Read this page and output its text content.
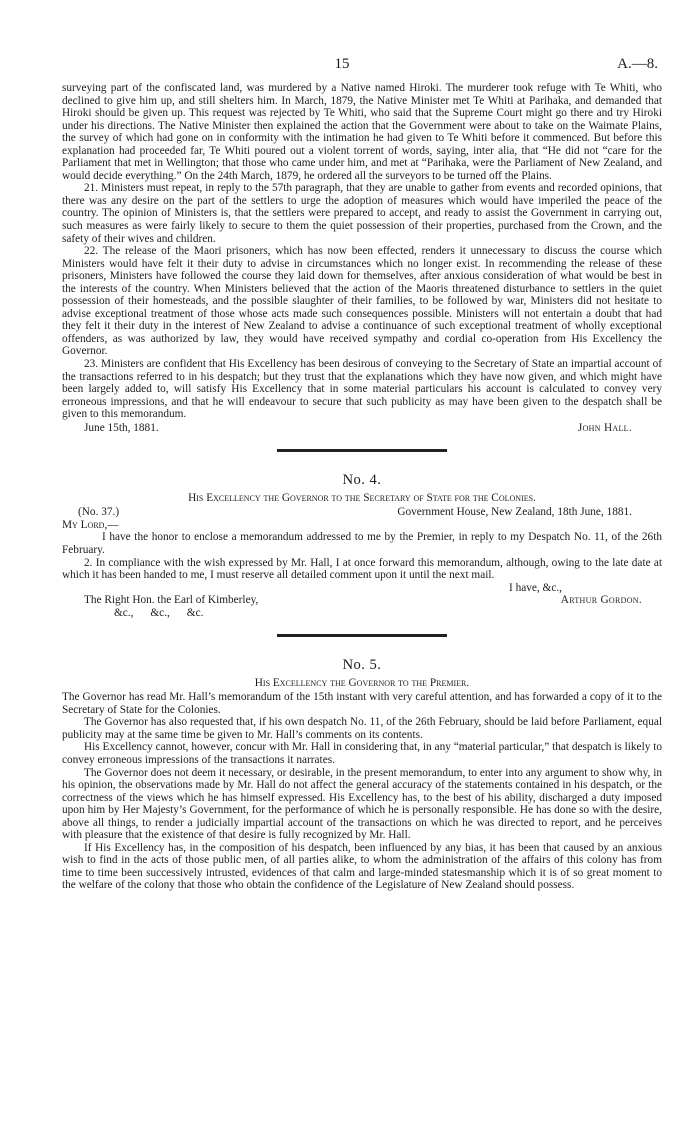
15	A.—8.

surveying part of the confiscated land, was murdered by a Native named Hiroki. The murderer took refuge with Te Whiti, who declined to give him up, and still shelters him. In March, 1879, the Native Minister met Te Whiti at Parihaka, and demanded that Hiroki should be given up. This request was rejected by Te Whiti, who said that the Supreme Court might go there and try Hiroki under his directions. The Native Minister then explained the action that the Government were about to take on the Waimate Plains, the survey of which had gone on in conformity with the intimation he had given to Te Whiti before it commenced. But before this explanation had proceeded far, Te Whiti poured out a violent torrent of words, saying, inter alia, that “He did not “care for the Parliament that met in Wellington; that those who came under him, and met at “Parihaka, were the Parliament of New Zealand, and would decide everything.” On the 24th March, 1879, he ordered all the surveyors to be turned off the Plains.

21. Ministers must repeat, in reply to the 57th paragraph, that they are unable to gather from events and recorded opinions, that there was any desire on the part of the settlers to urge the adoption of measures which would have imperiled the peace of the country. The opinion of Ministers is, that the settlers were prepared to accept, and ready to assist the Government in carrying out, such measures as were fairly likely to secure to them the quiet possession of their properties, purchased from the Crown, and the safety of their wives and children.

22. The release of the Maori prisoners, which has now been effected, renders it unnecessary to discuss the course which Ministers would have felt it their duty to advise in circumstances which no longer exist. In recommending the release of these prisoners, Ministers have followed the course they laid down for themselves, after anxious consideration of what would be best in the interests of the country. When Ministers believed that the action of the Maoris threatened disturbance to settlers in the quiet possession of their homesteads, and the possible slaughter of their families, to be followed by war, Ministers did not hesitate to advise exceptional treatment of those whose acts made such consequences possible. Ministers will not entertain a doubt that had they felt it their duty in the interest of New Zealand to advise a continuance of such exceptional treatment of wholly exceptional offenders, as was authorized by law, they would have received sympathy and cordial co-operation from His Excellency the Governor.

23. Ministers are confident that His Excellency has been desirous of conveying to the Secretary of State an impartial account of the transactions referred to in his despatch; but they trust that the explanations which they have now given, and which might have been largely added to, will satisfy His Excellency that in some material particulars his account is calculated to convey very erroneous impressions, and that he will endeavour to secure that such publicity as may have been given to the despatch shall be given to this memorandum.

June 15th, 1881.	John Hall.
No. 4.
His Excellency the Governor to the Secretary of State for the Colonies.
(No. 37.)	Government House, New Zealand, 18th June, 1881.

My Lord,—

I have the honor to enclose a memorandum addressed to me by the Premier, in reply to my Despatch No. 11, of the 26th February.

2. In compliance with the wish expressed by Mr. Hall, I at once forward this memorandum, although, owing to the late date at which it has been handed to me, I must reserve all detailed comment upon it until the next mail.

I have, &c.,
The Right Hon. the Earl of Kimberley,	Arthur Gordon.
&c.,      &c.,      &c.
No. 5.
His Excellency the Governor to the Premier.

The Governor has read Mr. Hall’s memorandum of the 15th instant with very careful attention, and has forwarded a copy of it to the Secretary of State for the Colonies.

The Governor has also requested that, if his own despatch No. 11, of the 26th February, should be laid before Parliament, equal publicity may at the same time be given to Mr. Hall’s comments on its contents.

His Excellency cannot, however, concur with Mr. Hall in considering that, in any “material particular,” that despatch is likely to convey erroneous impressions of the transactions it narrates.

The Governor does not deem it necessary, or desirable, in the present memorandum, to enter into any argument to show why, in his opinion, the observations made by Mr. Hall do not affect the general accuracy of the statements contained in his despatch, or the correctness of the views which he has himself expressed. His Excellency has, to the best of his ability, discharged a duty imposed upon him by Her Majesty’s Government, for the performance of which he is personally responsible. He has done so with the desire, above all things, to render a judicially impartial account of the transactions on which he was directed to report, and he perceives with pleasure that the existence of that desire is fully recognized by Mr. Hall.

If His Excellency has, in the composition of his despatch, been influenced by any bias, it has been that caused by an anxious wish to find in the acts of those public men, of all parties alike, to whom the administration of the affairs of this colony has from time to time been successively intrusted, evidences of that calm and large-minded statesmanship which it is of so great moment to the welfare of the colony that those who obtain the confidence of the Legislature of New Zealand should possess.
